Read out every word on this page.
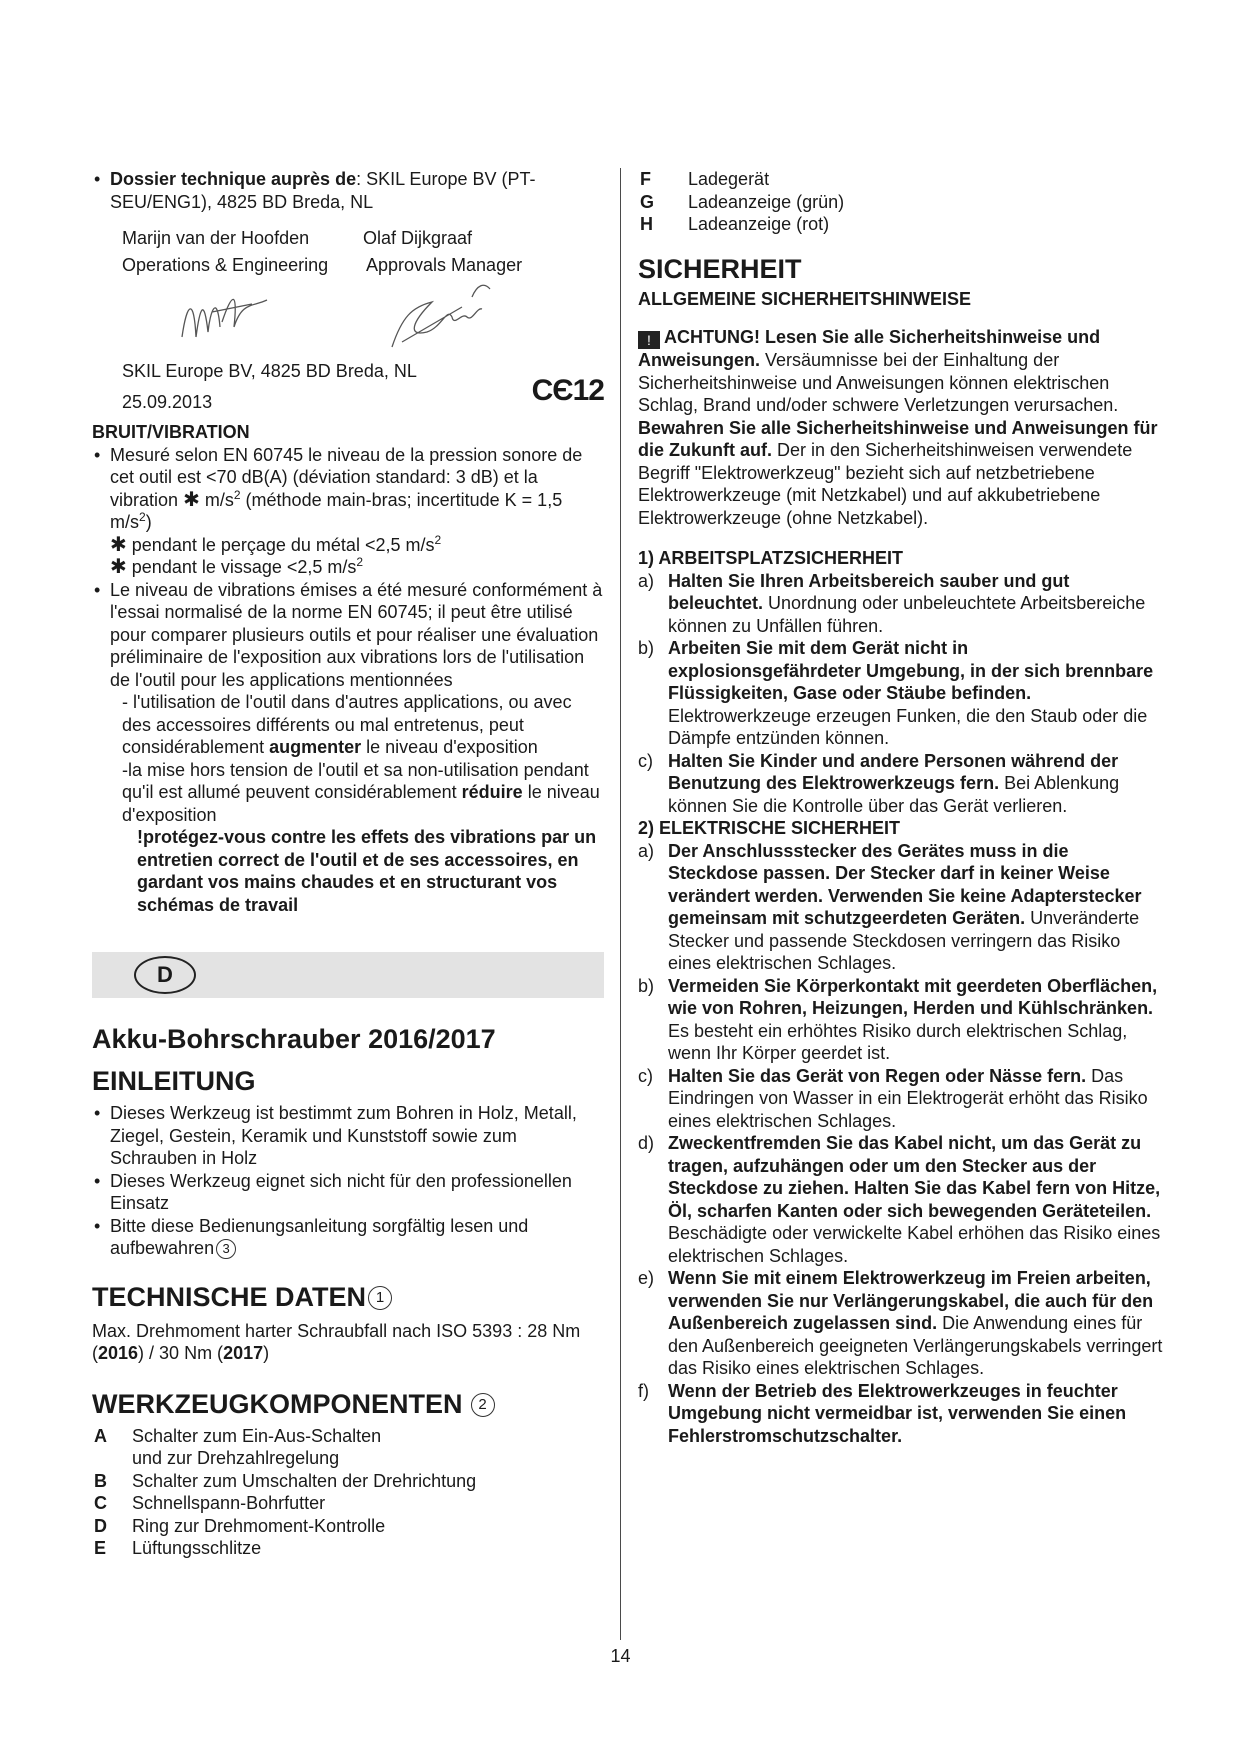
• Dossier technique auprès de: SKIL Europe BV (PT-SEU/ENG1), 4825 BD Breda, NL
Marijn van der Hoofden
Operations & Engineering
Olaf Dijkgraaf
Approvals Manager
SKIL Europe BV, 4825 BD Breda, NL
25.09.2013	CЄ12
BRUIT/VIBRATION
• Mesuré selon EN 60745 le niveau de la pression sonore de cet outil est <70 dB(A) (déviation standard: 3 dB) et la vibration ✱ $m/s^2$ (méthode main-bras; incertitude K = 1,5 $m/s^2$)
✱ pendant le perçage du métal <2,5 $m/s^2$
✱ pendant le vissage <2,5 $m/s^2$
• Le niveau de vibrations émises a été mesuré conformément à l'essai normalisé de la norme EN 60745; il peut être utilisé pour comparer plusieurs outils et pour réaliser une évaluation préliminaire de l'exposition aux vibrations lors de l'utilisation de l'outil pour les applications mentionnées
- l'utilisation de l'outil dans d'autres applications, ou avec des accessoires différents ou mal entretenus, peut considérablement augmenter le niveau d'exposition
-la mise hors tension de l'outil et sa non-utilisation pendant qu'il est allumé peuvent considérablement réduire le niveau d'exposition
!protégez-vous contre les effets des vibrations par un entretien correct de l'outil et de ses accessoires, en gardant vos mains chaudes et en structurant vos schémas de travail
D
Akku-Bohrschrauber 2016/2017
EINLEITUNG
• Dieses Werkzeug ist bestimmt zum Bohren in Holz, Metall, Ziegel, Gestein, Keramik und Kunststoff sowie zum Schrauben in Holz
• Dieses Werkzeug eignet sich nicht für den professionellen Einsatz
• Bitte diese Bedienungsanleitung sorgfältig lesen und aufbewahren 3
TECHNISCHE DATEN 1
Max. Drehmoment harter Schraubfall nach ISO 5393 : 28 Nm (2016) / 30 Nm (2017)
WERKZEUGKOMPONENTEN 2
A	Schalter zum Ein-Aus-Schalten
und zur Drehzahlregelung
B	Schalter zum Umschalten der Drehrichtung
C	Schnellspann-Bohrfutter
D	Ring zur Drehmoment-Kontrolle
E	Lüftungsschlitze
F	Ladegerät
G	Ladeanzeige (grün)
H	Ladeanzeige (rot)
SICHERHEIT
ALLGEMEINE SICHERHEITSHINWEISE
! ACHTUNG! Lesen Sie alle Sicherheitshinweise und Anweisungen. Versäumnisse bei der Einhaltung der Sicherheitshinweise und Anweisungen können elektrischen Schlag, Brand und/oder schwere Verletzungen verursachen. Bewahren Sie alle Sicherheitshinweise und Anweisungen für die Zukunft auf. Der in den Sicherheitshinweisen verwendete Begriff "Elektrowerkzeug" bezieht sich auf netzbetriebene Elektrowerkzeuge (mit Netzkabel) und auf akkubetriebene Elektrowerkzeuge (ohne Netzkabel).
1) ARBEITSPLATZSICHERHEIT
a) Halten Sie Ihren Arbeitsbereich sauber und gut beleuchtet. Unordnung oder unbeleuchtete Arbeitsbereiche können zu Unfällen führen.
b) Arbeiten Sie mit dem Gerät nicht in explosionsgefährdeter Umgebung, in der sich brennbare Flüssigkeiten, Gase oder Stäube befinden. Elektrowerkzeuge erzeugen Funken, die den Staub oder die Dämpfe entzünden können.
c) Halten Sie Kinder und andere Personen während der Benutzung des Elektrowerkzeugs fern. Bei Ablenkung können Sie die Kontrolle über das Gerät verlieren.
2) ELEKTRISCHE SICHERHEIT
a) Der Anschlussstecker des Gerätes muss in die Steckdose passen. Der Stecker darf in keiner Weise verändert werden. Verwenden Sie keine Adapterstecker gemeinsam mit schutzgeerdeten Geräten. Unveränderte Stecker und passende Steckdosen verringern das Risiko eines elektrischen Schlages.
b) Vermeiden Sie Körperkontakt mit geerdeten Oberflächen, wie von Rohren, Heizungen, Herden und Kühlschränken. Es besteht ein erhöhtes Risiko durch elektrischen Schlag, wenn Ihr Körper geerdet ist.
c) Halten Sie das Gerät von Regen oder Nässe fern. Das Eindringen von Wasser in ein Elektrogerät erhöht das Risiko eines elektrischen Schlages.
d) Zweckentfremden Sie das Kabel nicht, um das Gerät zu tragen, aufzuhängen oder um den Stecker aus der Steckdose zu ziehen. Halten Sie das Kabel fern von Hitze, Öl, scharfen Kanten oder sich bewegenden Geräteteilen. Beschädigte oder verwickelte Kabel erhöhen das Risiko eines elektrischen Schlages.
e) Wenn Sie mit einem Elektrowerkzeug im Freien arbeiten, verwenden Sie nur Verlängerungskabel, die auch für den Außenbereich zugelassen sind. Die Anwendung eines für den Außenbereich geeigneten Verlängerungskabels verringert das Risiko eines elektrischen Schlages.
f) Wenn der Betrieb des Elektrowerkzeuges in feuchter Umgebung nicht vermeidbar ist, verwenden Sie einen Fehlerstromschutzschalter.
14
